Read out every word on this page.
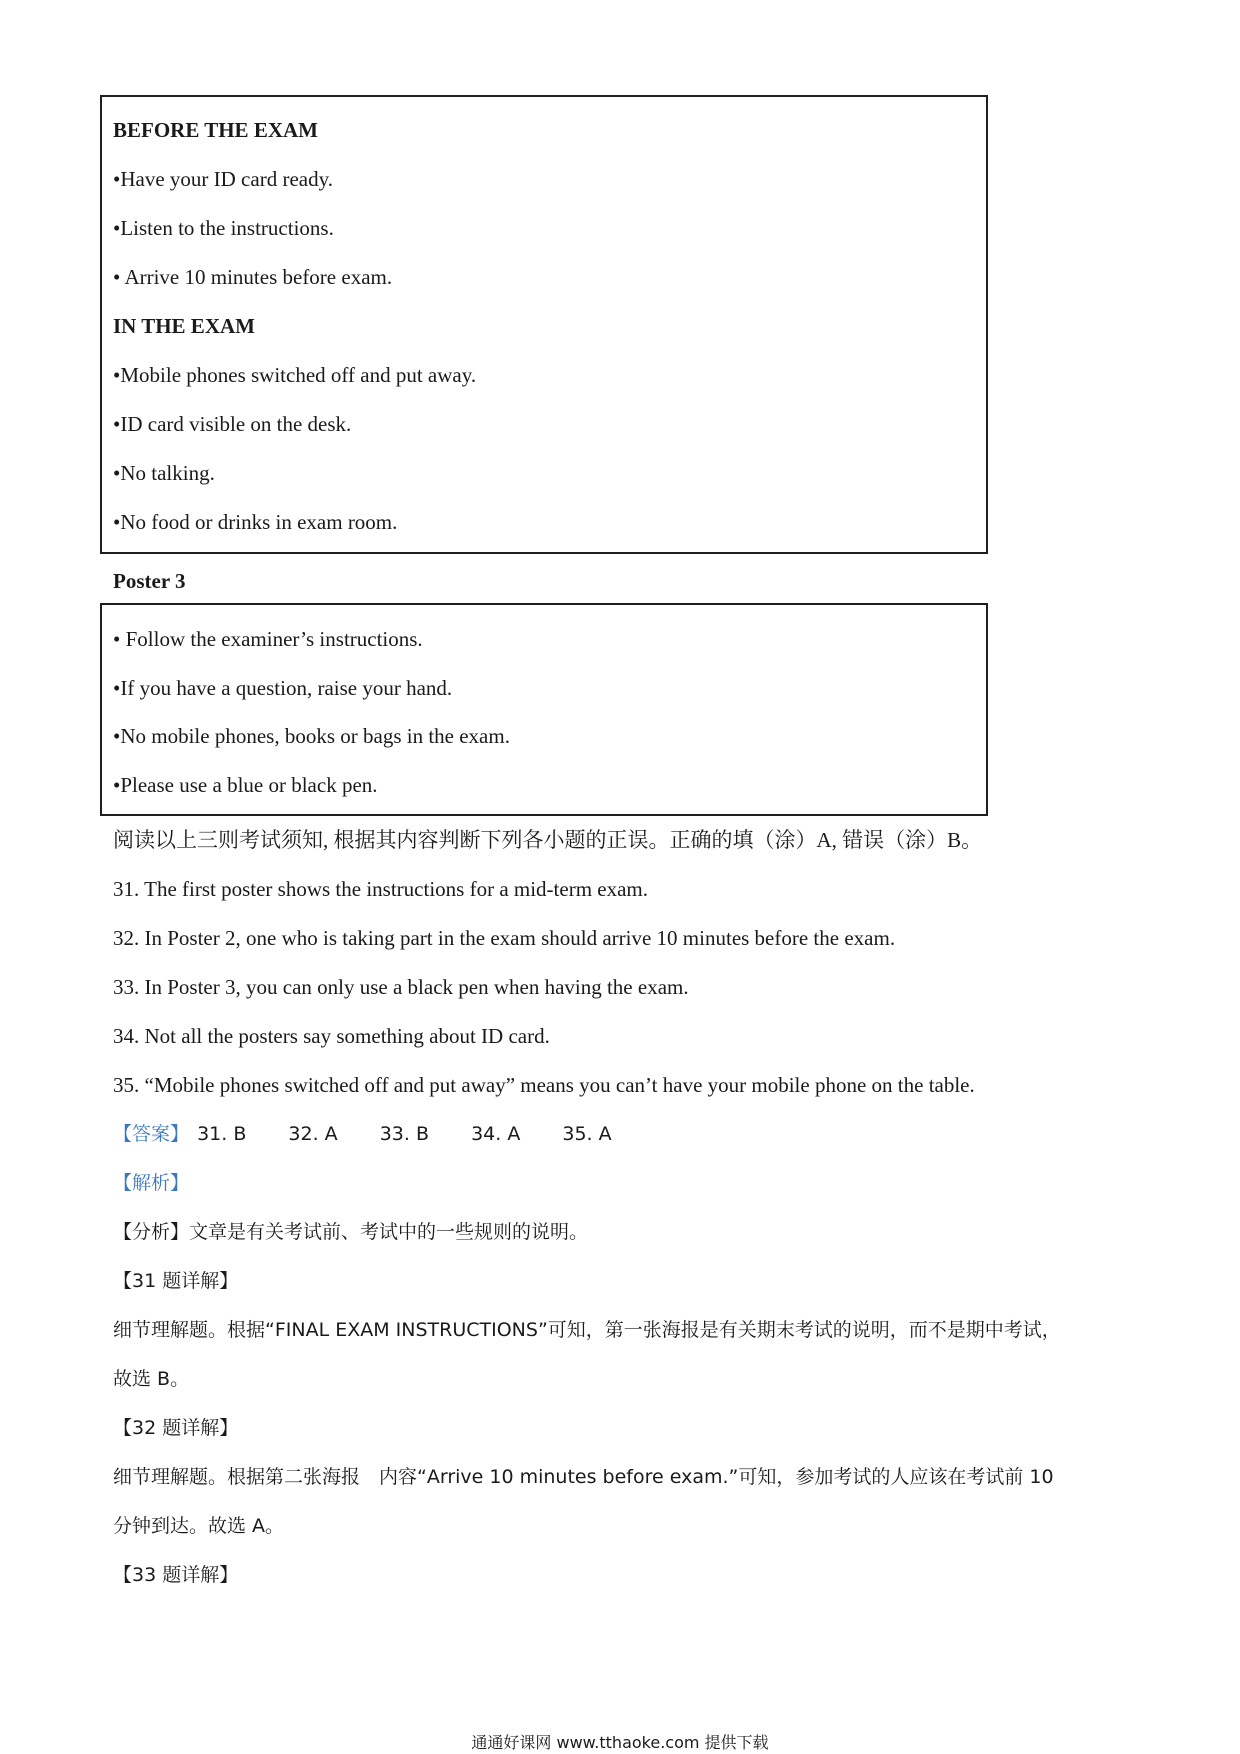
BEFORE THE EXAM
•Have your ID card ready.
•Listen to the instructions.
• Arrive 10 minutes before exam.
IN THE EXAM
•Mobile phones switched off and put away.
•ID card visible on the desk.
•No talking.
•No food or drinks in exam room.
Poster 3
• Follow the examiner’s instructions.
•If you have a question, raise your hand.
•No mobile phones, books or bags in the exam.
•Please use a blue or black pen.
阅读以上三则考试须知, 根据其内容判断下列各小题的正误。正确的填（涂）A, 错误（涂）B。
31. The first poster shows the instructions for a mid-term exam.
32. In Poster 2, one who is taking part in the exam should arrive 10 minutes before the exam.
33. In Poster 3, you can only use a black pen when having the exam.
34. Not all the posters say something about ID card.
35. “Mobile phones switched off and put away” means you can’t have your mobile phone on the table.
【答案】 31. B 32. A 33. B 34. A 35. A
【解析】
【分析】文章是有关考试前、考试中的一些规则的说明。
【31 题详解】
细节理解题。根据“FINAL EXAM INSTRUCTIONS”可知，第一张海报是有关期末考试的说明，而不是期中考试，
故选 B。
【32 题详解】
细节理解题。根据第二张海报　内容“Arrive 10 minutes before exam.”可知，参加考试的人应该在考试前 10
分钟到达。故选 A。
【33 题详解】
通通好课网 www.tthaoke.com 提供下载
